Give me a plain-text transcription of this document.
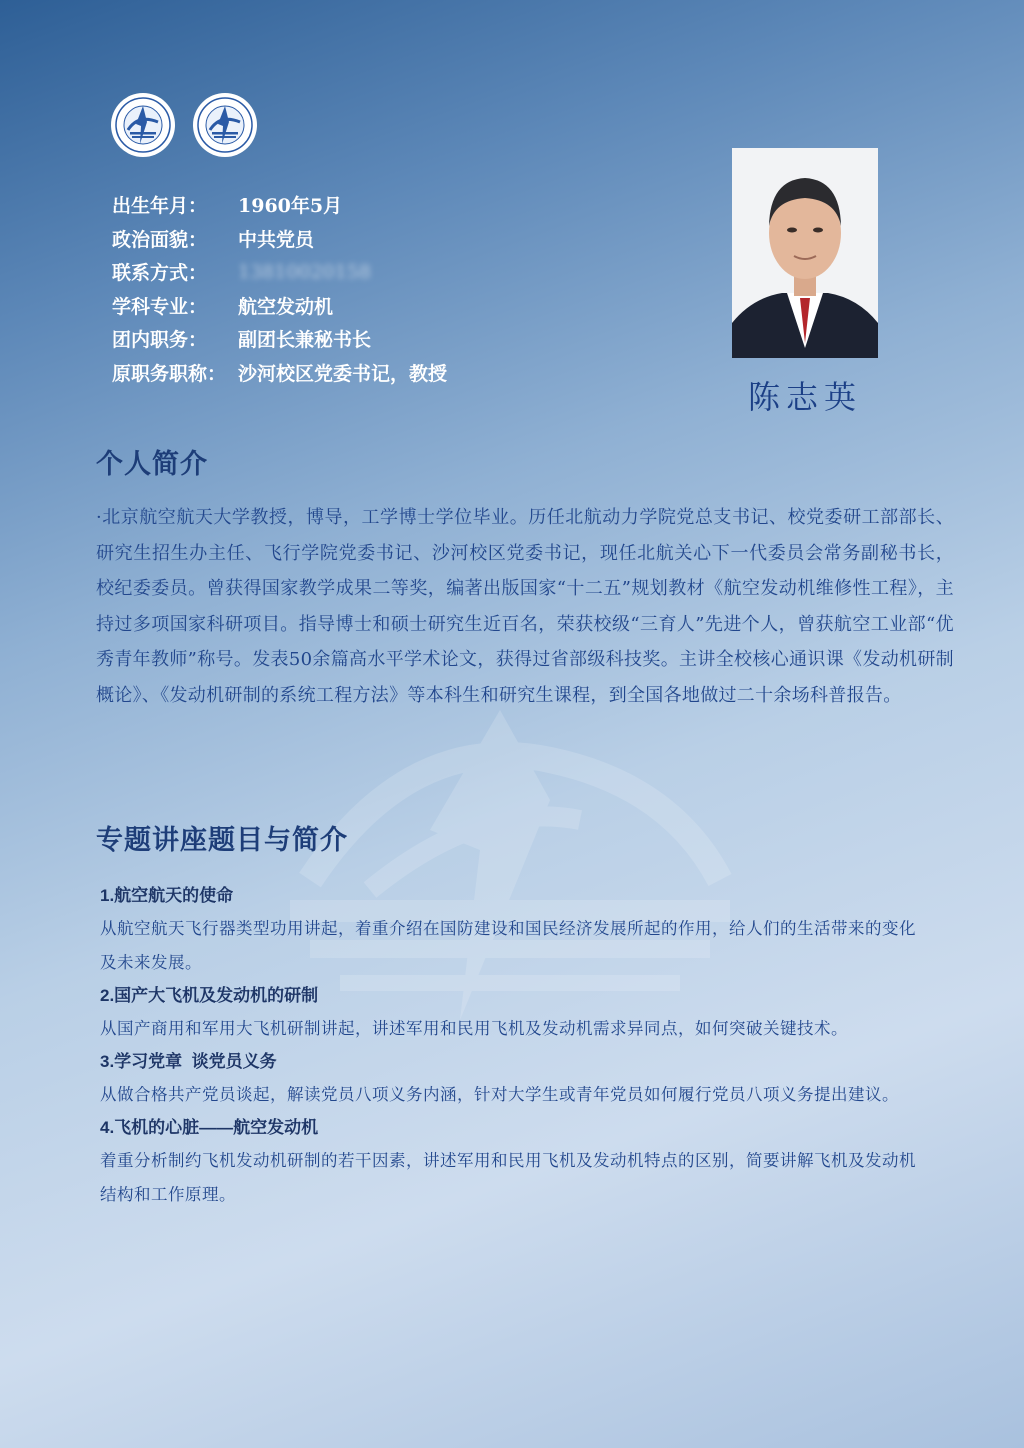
出生年月：	1960年5月
政治面貌：	中共党员
联系方式：	13810020158
学科专业：	航空发动机
团内职务：	副团长兼秘书长
原职务职称： 沙河校区党委书记，教授
陈志英
个人简介
·北京航空航天大学教授，博导，工学博士学位毕业。历任北航动力学院党总支书记、校党委研工部部长、研究生招生办主任、飞行学院党委书记、沙河校区党委书记，现任北航关心下一代委员会常务副秘书长，校纪委委员。曾获得国家教学成果二等奖，编著出版国家“十二五”规划教材《航空发动机维修性工程》，主持过多项国家科研项目。指导博士和硕士研究生近百名，荣获校级“三育人”先进个人，曾获航空工业部“优秀青年教师”称号。发表50余篇高水平学术论文，获得过省部级科技奖。主讲全校核心通识课《发动机研制概论》、《发动机研制的系统工程方法》等本科生和研究生课程，到全国各地做过二十余场科普报告。
专题讲座题目与简介
1.航空航天的使命
从航空航天飞行器类型功用讲起，着重介绍在国防建设和国民经济发展所起的作用，给人们的生活带来的变化及未来发展。
2.国产大飞机及发动机的研制
从国产商用和军用大飞机研制讲起，讲述军用和民用飞机及发动机需求异同点，如何突破关键技术。
3.学习党章  谈党员义务
从做合格共产党员谈起，解读党员八项义务内涵，针对大学生或青年党员如何履行党员八项义务提出建议。
4.飞机的心脏——航空发动机
着重分析制约飞机发动机研制的若干因素，讲述军用和民用飞机及发动机特点的区别，简要讲解飞机及发动机结构和工作原理。
